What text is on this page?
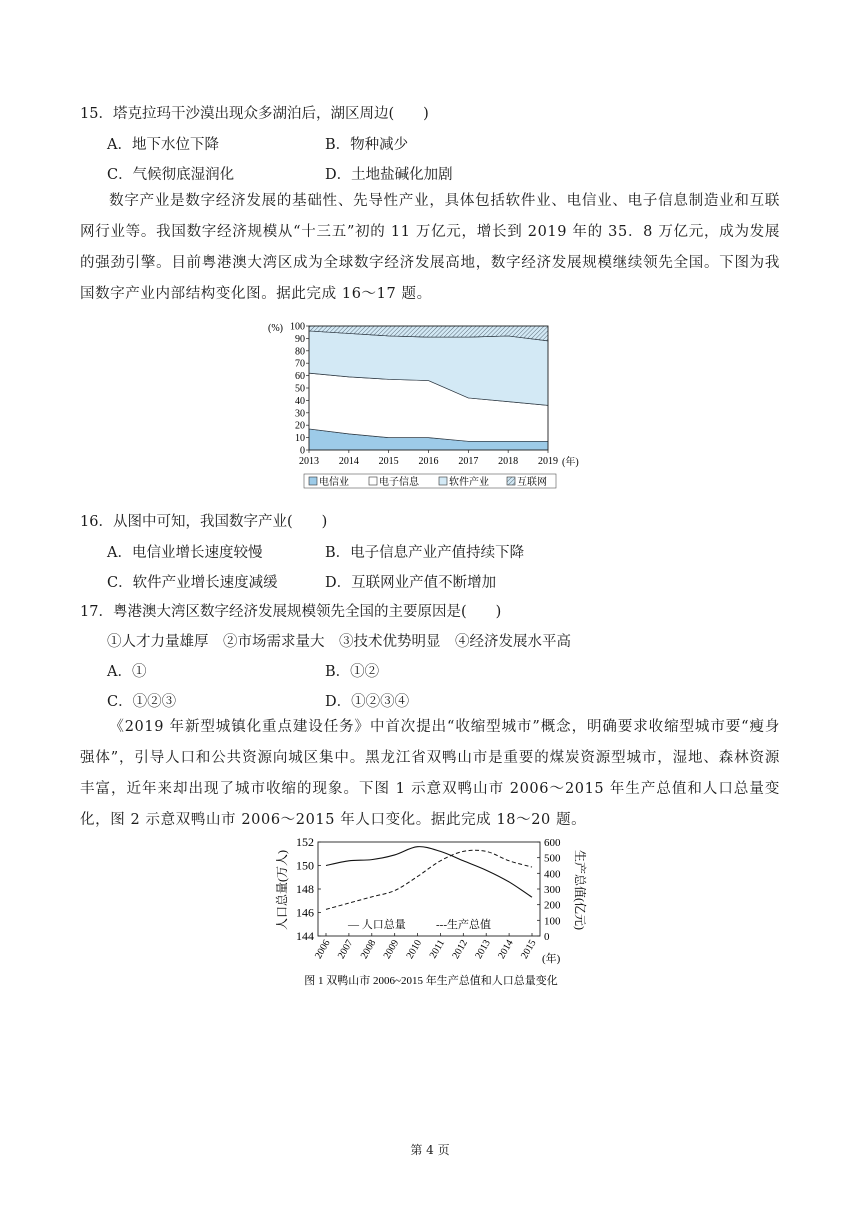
15．塔克拉玛干沙漠出现众多湖泊后，湖区周边(　　)
A．地下水位下降	B．物种减少
C．气候彻底湿润化	D．土地盐碱化加剧
数字产业是数字经济发展的基础性、先导性产业，具体包括软件业、电信业、电子信息制造业和互联网行业等。我国数字经济规模从“十三五”初的 11 万亿元，增长到 2019 年的 35．8 万亿元，成为发展的强劲引擎。目前粤港澳大湾区成为全球数字经济发展高地，数字经济发展规模继续领先全国。下图为我国数字产业内部结构变化图。据此完成 16～17 题。
0
10
20
30
40
50
60
70
80
90
100
2013 2014 2015 2016 2017 2018 2019
(%)
(年)
电信业	电子信息	软件产业	互联网
16．从图中可知，我国数字产业(　　)
A．电信业增长速度较慢	B．电子信息产业产值持续下降
C．软件产业增长速度减缓	D．互联网业产值不断增加
17．粤港澳大湾区数字经济发展规模领先全国的主要原因是(　　)
①人才力量雄厚　②市场需求量大　③技术优势明显　④经济发展水平高
A．①	B．①②
C．①②③	D．①②③④
《2019 年新型城镇化重点建设任务》中首次提出“收缩型城市”概念，明确要求收缩型城市要“瘦身强体”，引导人口和公共资源向城区集中。黑龙江省双鸭山市是重要的煤炭资源型城市，湿地、森林资源丰富，近年来却出现了城市收缩的现象。下图 1 示意双鸭山市 2006～2015 年生产总值和人口总量变化，图 2 示意双鸭山市 2006～2015 年人口变化。据此完成 18～20 题。
144
146
148
150
152
0
100
200
300
400
500
600
2006 2007 2008 2009 2010 2011 2012 2013 2014 2015
人口总量(万人)	生产总值(亿元)
— 人口总量	---生产总值
(年)
图 1 双鸭山市 2006~2015 年生产总值和人口总量变化
第 4 页
